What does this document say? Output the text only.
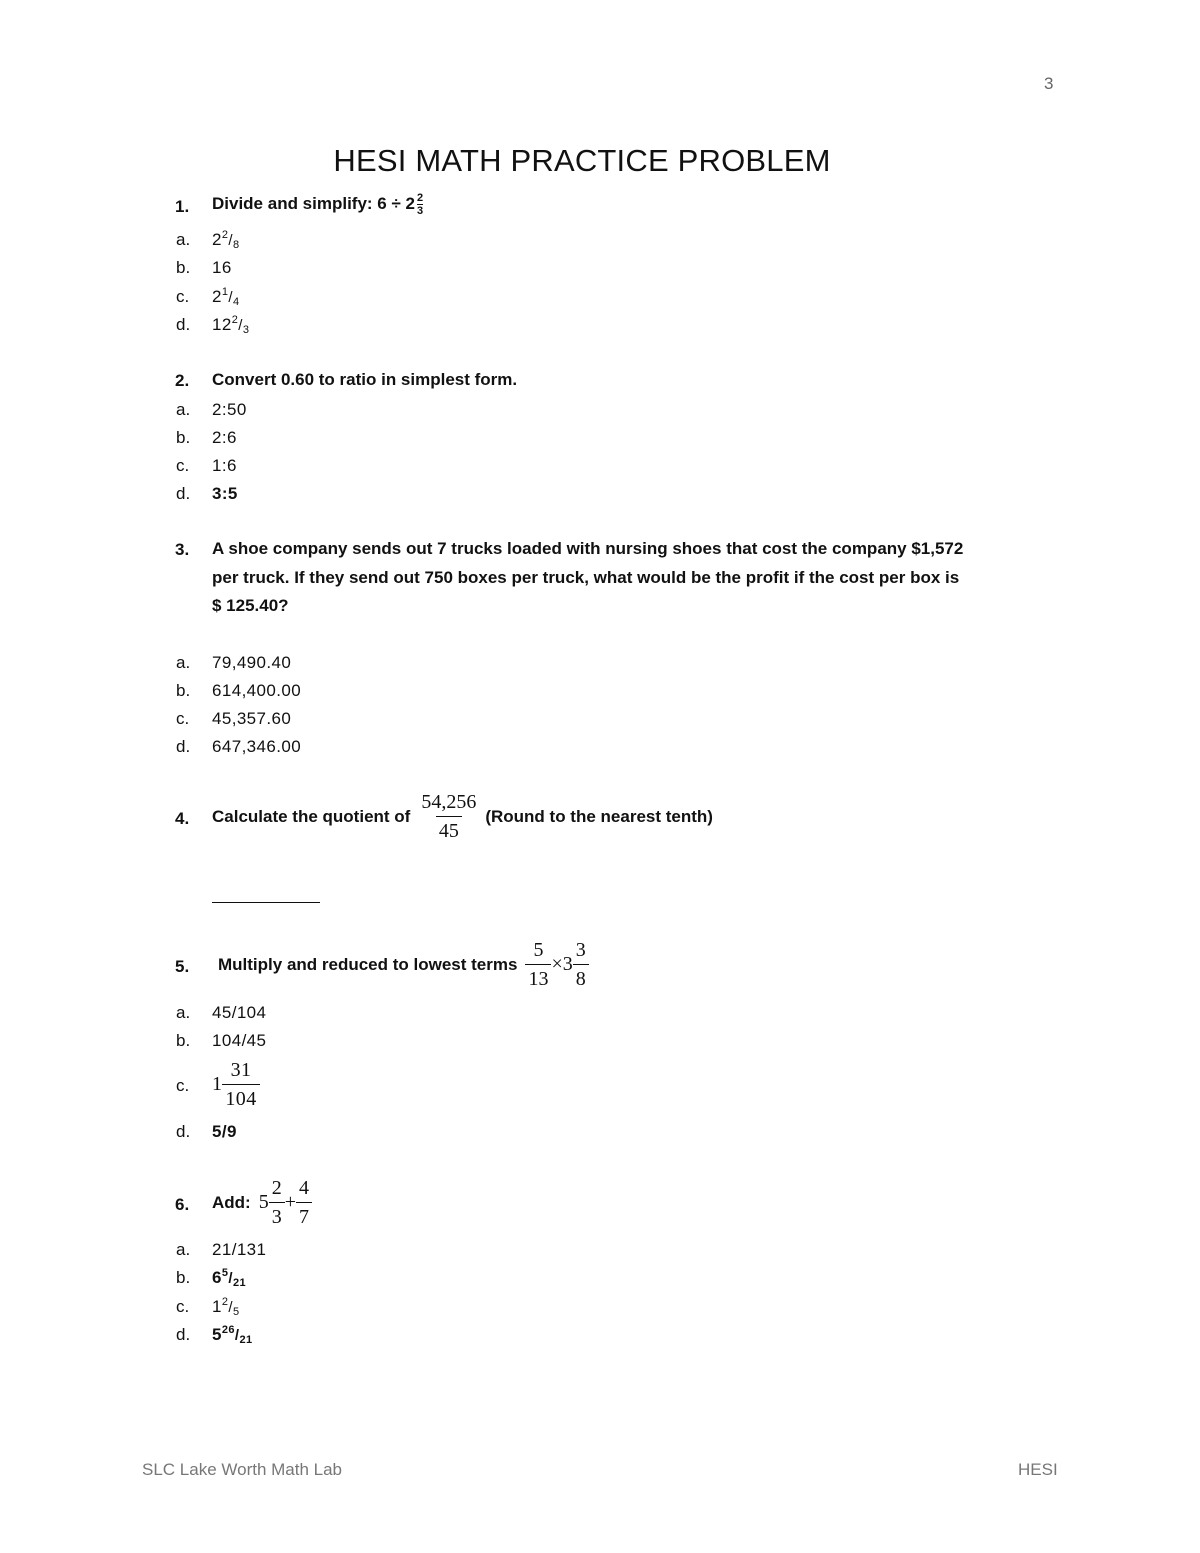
3
HESI MATH PRACTICE PROBLEM
1. Divide and simplify: $6 \div 2 \frac{2}{3}$
a. $2^2/_8$
b. 16
c. $2^1/_4$
d. $12^2/_3$
2. Convert 0.60 to ratio in simplest form.
a. 2:50
b. 2:6
c. 1:6
d. 3:5
3. A shoe company sends out 7 trucks loaded with nursing shoes that cost the company $1,572
per truck. If they send out 750 boxes per truck, what would be the profit if the cost per box is
$ 125.40?
a. 79,490.40
b. 614,400.00
c. 45,357.60
d. 647,346.00
4. Calculate the quotient of $\frac{54,256}{45}$ (Round to the nearest tenth)
5. Multiply and reduced to lowest terms $\frac{5}{13} \times 3 \frac{3}{8}$
a. 45/104
b. 104/45
c. $1 \frac{31}{104}$
d. 5/9
6. Add: $5 \frac{2}{3} + \frac{4}{7}$
a. 21/131
b. $6^5/_{21}$
c. $1^2/_5$
d. $5^{26}/_{21}$
SLC Lake Worth Math Lab	HESI
